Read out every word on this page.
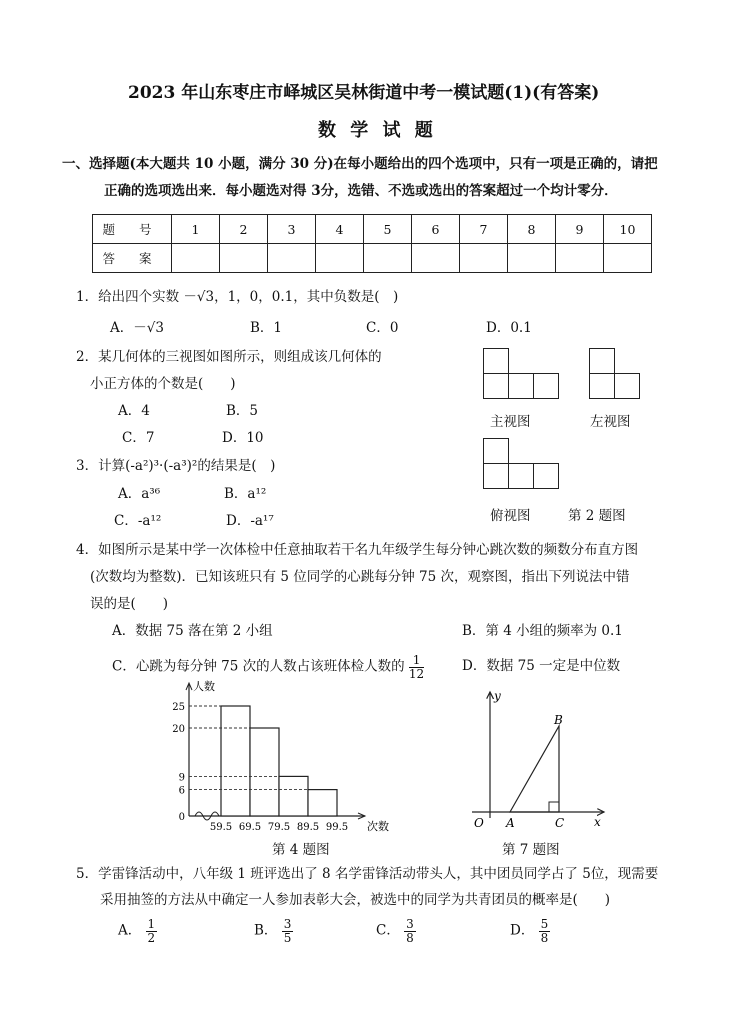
2023 年山东枣庄市峄城区吴林街道中考一模试题(1)(有答案)
数 学 试 题
一、选择题(本大题共 10 小题，满分 30 分)在每小题给出的四个选项中，只有一项是正确的，请把
正确的选项选出来．每小题选对得 3分，选错、不选或选出的答案超过一个均计零分．
题 号	1	2	3	4	5	6	7	8	9	10
答 案										
1．给出四个实数 －√3，1，0，0.1，其中负数是(　)
A．－√3	B．1	C．0	D．0.1
2．某几何体的三视图如图所示，则组成该几何体的
小正方体的个数是(　　)
A．4	B．5
C．7	D．10
主视图	左视图
俯视图	第 2 题图
3．计算(-a²)³·(-a³)²的结果是(　)
A．a³⁶	B．a¹²
C．-a¹²	D．-a¹⁷
4．如图所示是某中学一次体检中任意抽取若干名九年级学生每分钟心跳次数的频数分布直方图
(次数均为整数)．已知该班只有 5 位同学的心跳每分钟 75 次，观察图，指出下列说法中错
误的是(　　)
A．数据 75 落在第 2 小组	B．第 4 小组的频率为 0.1
C．心跳为每分钟 75 次的人数占该班体检人数的 $\frac{1}{12}$	D．数据 75 一定是中位数
人数
次数
25
20
9
6
0
59.5 69.5 79.5 89.5 99.5
第 4 题图
y
x
O A
B
C
第 7 题图
5．学雷锋活动中，八年级 1 班评选出了 8 名学雷锋活动带头人，其中团员同学占了 5位，现需要
采用抽签的方法从中确定一人参加表彰大会，被选中的同学为共青团员的概率是(　　)
A． $\frac{1}{2}$	B． $\frac{3}{5}$	C． $\frac{3}{8}$	D． $\frac{5}{8}$
